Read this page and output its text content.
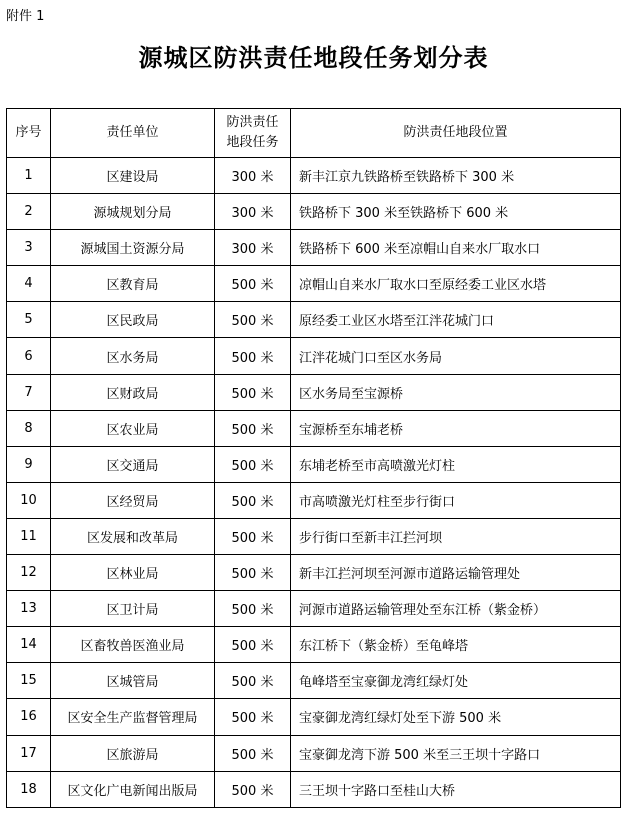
附件 1
源城区防洪责任地段任务划分表
序号	责任单位	防洪责任地段任务	防洪责任地段位置
1	区建设局	300 米	新丰江京九铁路桥至铁路桥下 300 米
2	源城规划分局	300 米	铁路桥下 300 米至铁路桥下 600 米
3	源城国土资源分局	300 米	铁路桥下 600 米至凉帽山自来水厂取水口
4	区教育局	500 米	凉帽山自来水厂取水口至原经委工业区水塔
5	区民政局	500 米	原经委工业区水塔至江泮花城门口
6	区水务局	500 米	江泮花城门口至区水务局
7	区财政局	500 米	区水务局至宝源桥
8	区农业局	500 米	宝源桥至东埔老桥
9	区交通局	500 米	东埔老桥至市高喷激光灯柱
10	区经贸局	500 米	市高喷激光灯柱至步行街口
11	区发展和改革局	500 米	步行街口至新丰江拦河坝
12	区林业局	500 米	新丰江拦河坝至河源市道路运输管理处
13	区卫计局	500 米	河源市道路运输管理处至东江桥（紫金桥）
14	区畜牧兽医渔业局	500 米	东江桥下（紫金桥）至龟峰塔
15	区城管局	500 米	龟峰塔至宝豪御龙湾红绿灯处
16	区安全生产监督管理局	500 米	宝豪御龙湾红绿灯处至下游 500 米
17	区旅游局	500 米	宝豪御龙湾下游 500 米至三王坝十字路口
18	区文化广电新闻出版局	500 米	三王坝十字路口至桂山大桥
